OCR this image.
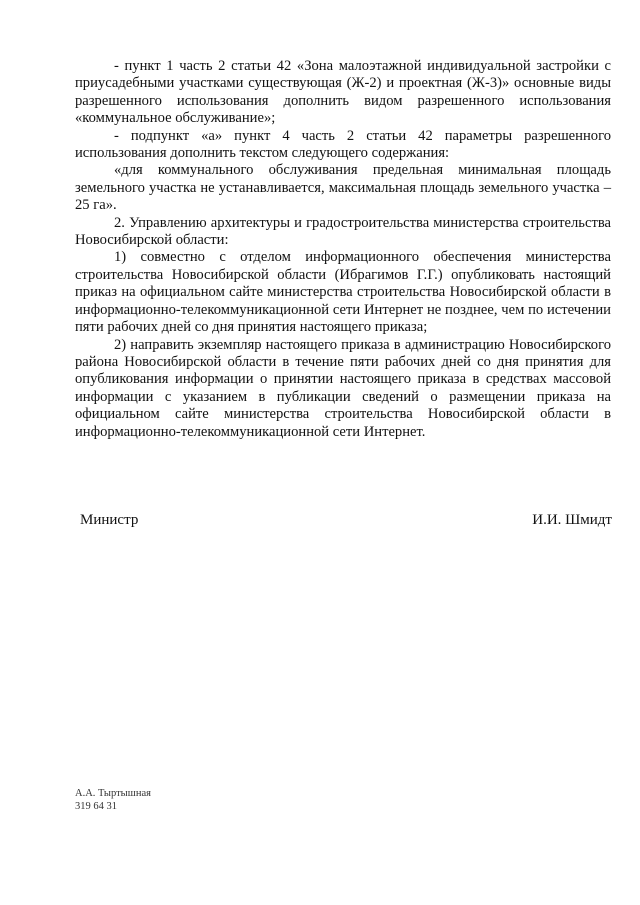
- пункт 1 часть 2 статьи 42 «Зона малоэтажной индивидуальной застройки с приусадебными участками существующая (Ж-2) и проектная (Ж-3)» основные виды разрешенного использования дополнить видом разрешенного использования «коммунальное обслуживание»;

- подпункт «а» пункт 4 часть 2 статьи 42 параметры разрешенного использования дополнить текстом следующего содержания:

«для коммунального обслуживания предельная минимальная площадь земельного участка не устанавливается, максимальная площадь земельного участка – 25 га».

2. Управлению архитектуры и градостроительства министерства строительства Новосибирской области:

1) совместно с отделом информационного обеспечения министерства строительства Новосибирской области (Ибрагимов Г.Г.) опубликовать настоящий приказ на официальном сайте министерства строительства Новосибирской области в информационно-телекоммуникационной сети Интернет не позднее, чем по истечении пяти рабочих дней со дня принятия настоящего приказа;

2) направить экземпляр настоящего приказа в администрацию Новосибирского района Новосибирской области в течение пяти рабочих дней со дня принятия для опубликования информации о принятии настоящего приказа в средствах массовой информации с указанием в публикации сведений о размещении приказа на официальном сайте министерства строительства Новосибирской области в информационно-телекоммуникационной сети Интернет.

Министр	И.И. Шмидт
А.А. Тыртышная
319 64 31
